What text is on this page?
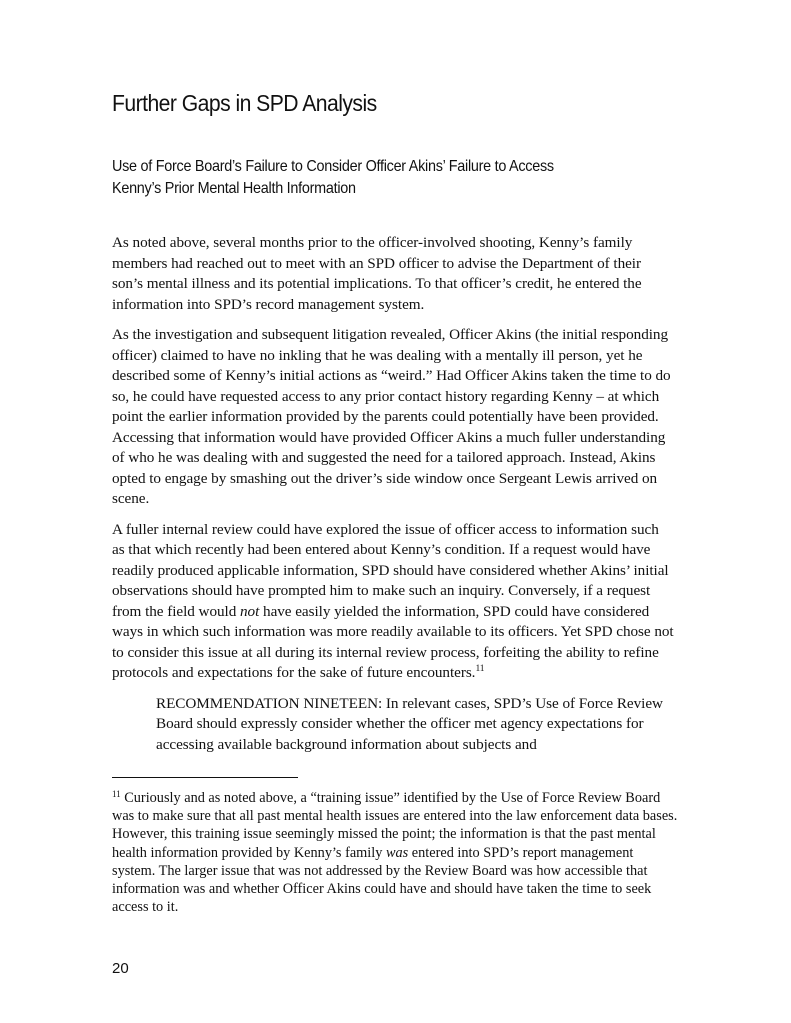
Further Gaps in SPD Analysis
Use of Force Board’s Failure to Consider Officer Akins’ Failure to Access
Kenny’s Prior Mental Health Information

As noted above, several months prior to the officer-involved shooting, Kenny’s family members had reached out to meet with an SPD officer to advise the Department of their son’s mental illness and its potential implications. To that officer’s credit, he entered the information into SPD’s record management system.

As the investigation and subsequent litigation revealed, Officer Akins (the initial responding officer) claimed to have no inkling that he was dealing with a mentally ill person, yet he described some of Kenny’s initial actions as “weird.” Had Officer Akins taken the time to do so, he could have requested access to any prior contact history regarding Kenny – at which point the earlier information provided by the parents could potentially have been provided. Accessing that information would have provided Officer Akins a much fuller understanding of who he was dealing with and suggested the need for a tailored approach. Instead, Akins opted to engage by smashing out the driver’s side window once Sergeant Lewis arrived on scene.

A fuller internal review could have explored the issue of officer access to information such as that which recently had been entered about Kenny’s condition. If a request would have readily produced applicable information, SPD should have considered whether Akins’ initial observations should have prompted him to make such an inquiry. Conversely, if a request from the field would not have easily yielded the information, SPD could have considered ways in which such information was more readily available to its officers. Yet SPD chose not to consider this issue at all during its internal review process, forfeiting the ability to refine protocols and expectations for the sake of future encounters.$^{11}$

RECOMMENDATION NINETEEN: In relevant cases, SPD’s Use of Force Review Board should expressly consider whether the officer met agency expectations for accessing available background information about subjects and

$^{11}$ Curiously and as noted above, a “training issue” identified by the Use of Force Review Board was to make sure that all past mental health issues are entered into the law enforcement data bases. However, this training issue seemingly missed the point; the information is that the past mental health information provided by Kenny’s family was entered into SPD’s report management system. The larger issue that was not addressed by the Review Board was how accessible that information was and whether Officer Akins could have and should have taken the time to seek access to it.

20
